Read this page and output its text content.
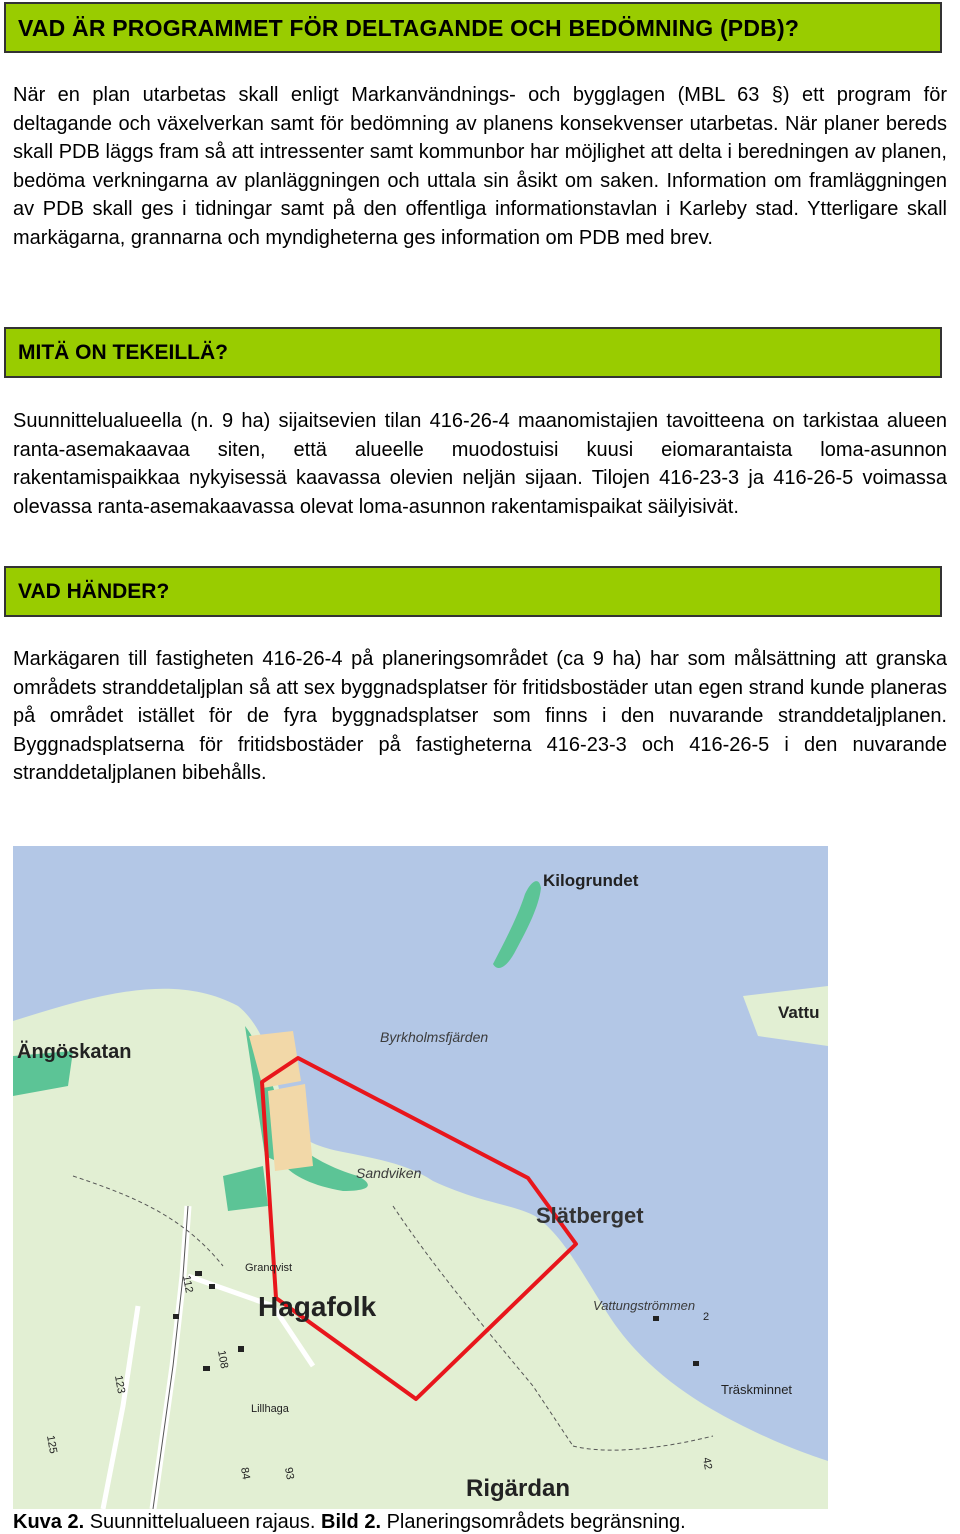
VAD ÄR PROGRAMMET FÖR DELTAGANDE OCH BEDÖMNING (PDB)?
När en plan utarbetas skall enligt Markanvändnings- och bygglagen (MBL 63 §) ett program för deltagande och växelverkan samt för bedömning av planens konsekvenser utarbetas. När planer bereds skall PDB läggs fram så att intressenter samt kommunbor har möjlighet att delta i beredningen av planen, bedöma verkningarna av planläggningen och uttala sin åsikt om saken. Information om framläggningen av PDB skall ges i tidningar samt på den offentliga informationstavlan i Karleby stad. Ytterligare skall markägarna, grannarna och myndigheterna ges information om PDB med brev.
MITÄ ON TEKEILLÄ?
Suunnittelualueella (n. 9 ha) sijaitsevien tilan 416-26-4 maanomistajien tavoitteena on tarkistaa alueen ranta-asemakaavaa siten, että alueelle muodostuisi kuusi eiomarantaista loma-asunnon rakentamispaikkaa nykyisessä kaavassa olevien neljän sijaan. Tilojen 416-23-3 ja 416-26-5 voimassa olevassa ranta-asemakaavassa olevat loma-asunnon rakentamispaikat säilyisivät.
VAD HÄNDER?
Markägaren till fastigheten 416-26-4 på planeringsområdet (ca 9 ha) har som målsättning att granska områdets stranddetaljplan så att sex byggnadsplatser för fritidsbostäder utan egen strand kunde planeras på området istället för de fyra byggnadsplatser som finns i den nuvarande stranddetaljplanen. Byggnadsplatserna för fritidsbostäder på fastigheterna 416-23-3 och 416-26-5 i den nuvarande stranddetaljplanen bibehålls.
Kilogrundet
Vattu
Ängöskatan
Byrkholmsfjärden
Sandviken
Slätberget
Granqvist
Hagafolk	Vattungströmmen
Lillhaga
Träskminnet
Rigärdan
112
108
123
125
84	93
42
2
Kuva 2. Suunnittelualueen rajaus. Bild 2. Planeringsområdets begränsning.
